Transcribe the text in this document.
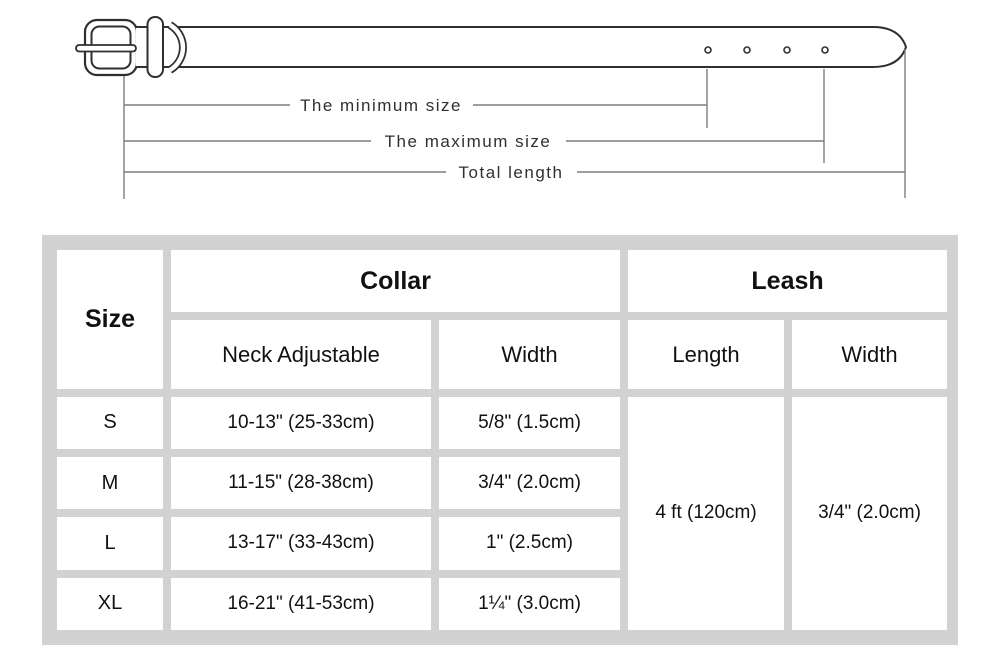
The minimum size
The maximum size
Total length
Size	Collar		Leash	
	Neck Adjustable	Width	Length	Width
S	10-13" (25-33cm)	5/8" (1.5cm)	4 ft (120cm)	3/4" (2.0cm)
M	11-15" (28-38cm)	3/4" (2.0cm)		
L	13-17" (33-43cm)	1" (2.5cm)		
XL	16-21" (41-53cm)	1¼" (3.0cm)		
